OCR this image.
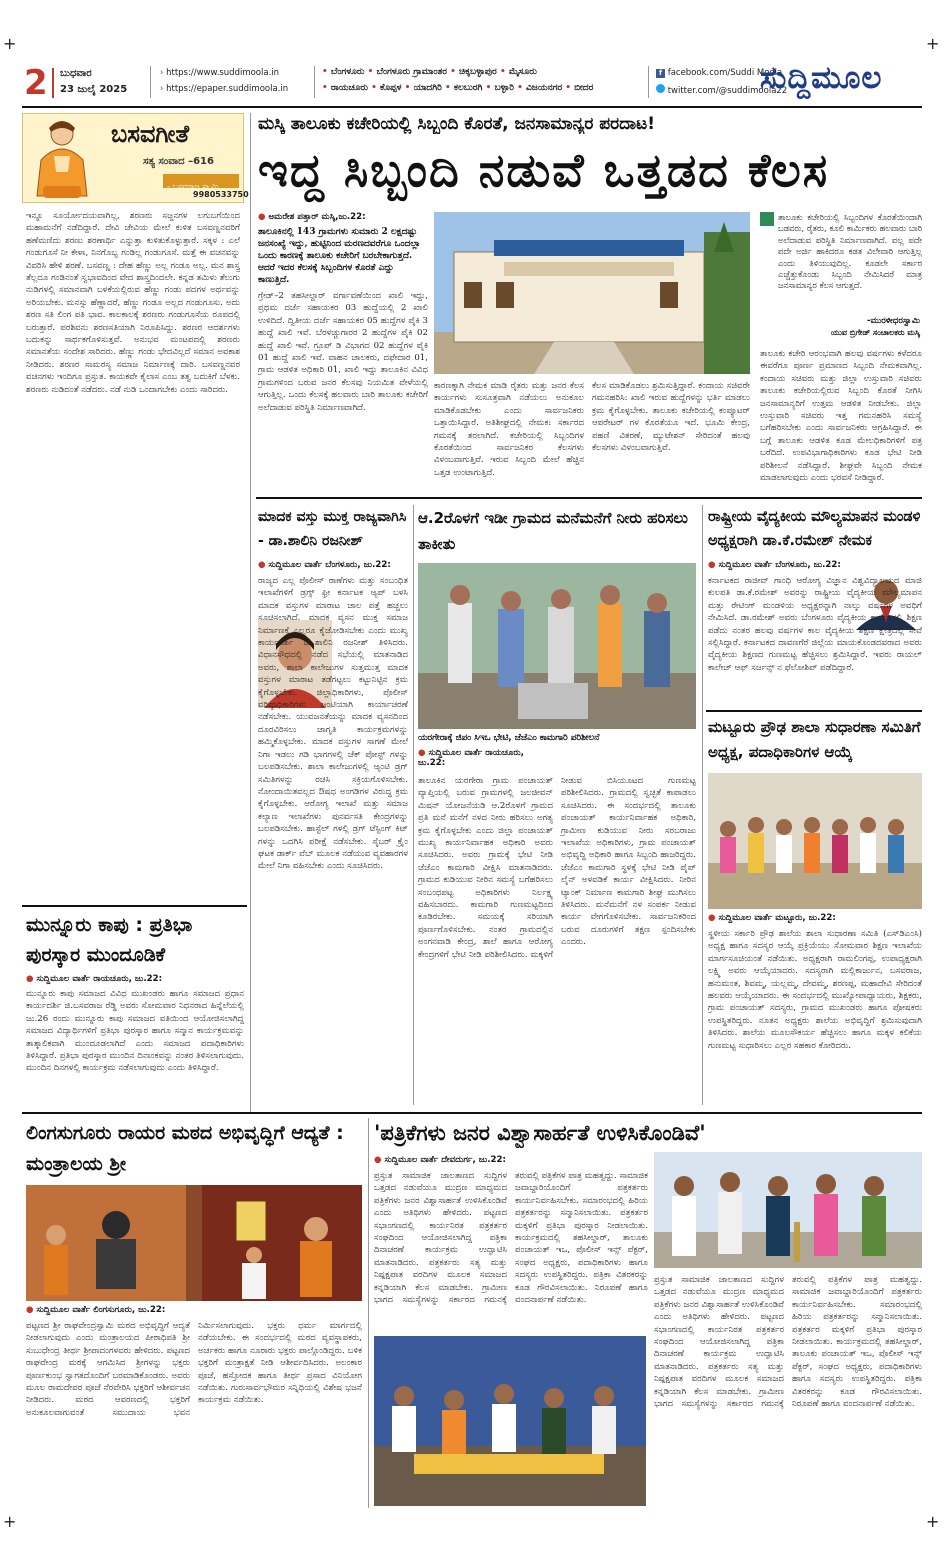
+	+
+	+
2 ಬುಧವಾರ
23 ಜುಲೈ 2025
› https://www.suddimoola.in
› https://epaper.suddimoola.in
• ಬೆಂಗಳೂರು • ಬೆಂಗಳೂರು ಗ್ರಾಮಾಂತರ • ಚಿಕ್ಕಬಳ್ಳಾಪುರ • ಮೈಸೂರು
• ರಾಯಚೂರು • ಕೊಪ್ಪಳ • ಯಾದಗಿರಿ • ಕಲಬುರಗಿ • ಬಳ್ಳಾರಿ • ವಿಜಯನಗರ • ಬೀದರ
f facebook.com/Suddi Moola
twitter.com/@suddimoola22
ಸುದ್ದಿಮೂಲ
ಬಸವಗೀತೆ
ಸತ್ಯ ಸಂವಾದ –616
- ಬಸವರಾಜ ಸ್ವಾಮಿ
9980533750
ಇನ್ನೂ ಸೂರ್ಯೋದಯವಾಗಿಲ್ಲ, ಶರಣರು ಸಜ್ಜನಗಳ ಲಗುಬಗೆಯಿಂದ ಮಹಾಮನೆಗೆ ನಡೆದಿದ್ದಾರೆ. ದೇವಿ ಜೇವಿಯ ಮೇಲೆ ಕುಳಿತ ಬಸವಣ್ಣನವರಿಗೆ ಹಣೆಮಣಿದು ಶರಣು ಶರಣಾರ್ಥಿ ಎನ್ನುತ್ತಾ ಕುಳಿತುಕೊಳ್ಳುತ್ತಾರೆ. ಸಕ್ಕಳ : ಎಲೆ ಗಂಡುಗೂಸೆ ನೀ ಕೇಳಾ, ನಿನಗೊಬ್ಬ ಗಂಡಿಲ್ಲ ಗಂಡುಗೂಸೆ. ಮತ್ತೆ ಈ ವಚನವನ್ನು ವಿವರಿಸಿ ಹೇಳಿ ಶರಣೆ. ಬಸವಣ್ಣ : ದೇಹ ಹೆಣ್ಣು ಅಲ್ಲ ಗಂಡೂ ಅಲ್ಲ. ಮನ ಶಾಸ್ತ್ರ ತೆಲ್ಲದೂ ಗಂಡಿನಂತೆ ಸ್ವಭಾವದಿಂದ ವೇದ ಶಾಸ್ತ್ರದಿಂದಲೇ. ಕನ್ನಡ ತಮಿಳು ತೆಲುಗು ನುಡಿಗಳಲ್ಲಿ ಸಮಾನವಾಗಿ ಬಳಕೆಯಲ್ಲಿರುವ ಹೆಣ್ಣು ಗಂಡು ಪದಗಳ ಅರ್ಥವನ್ನು ಅರಿಯಬೇಕು. ಮನಸ್ಸು ಹೆಣ್ಣಾದರೆ, ಹೆಣ್ಣು ಗಂಡೂ ಅಲ್ಲದ ಗಂಡುಗೂಸು. ಅದು ಶರಣ ಸತಿ ಲಿಂಗ ಪತಿ ಭಾವ. ಕಾಲಕಾಲಕ್ಕೆ ಶರಣರು ಗಂಡುಗೂಸೆಯ ರೂಪದಲ್ಲಿ ಬರುತ್ತಾರೆ. ಪರಶಿವನು ಶರಣಸತಿಯಾಗಿ ನಿರೂಪಿಸಿದ್ದು. ಶರಣರ ಆದರ್ಶಗಳು ಬದುಕನ್ನು ಸಾರ್ಥಕಗೊಳಿಸುತ್ತವೆ. ಅನುಭವ ಮಂಟಪದಲ್ಲಿ ಶರಣರು ಸಮಾನತೆಯ ಸಂದೇಶ ಸಾರಿದರು. ಹೆಣ್ಣು ಗಂಡು ಭೇದವಿಲ್ಲದೆ ಸಮಾನ ಅವಕಾಶ ನೀಡಿದರು. ಶರಣರ ಸಾಮರಸ್ಯ ಸಮಾಜ ನಿರ್ಮಾಣಕ್ಕೆ ದಾರಿ. ಬಸವಣ್ಣನವರ ವಚನಗಳು ಇಂದಿಗೂ ಪ್ರಸ್ತುತ. ಕಾಯಕವೇ ಕೈಲಾಸ ಎಂಬ ತತ್ವ ಬದುಕಿಗೆ ಬೆಳಕು. ಶರಣರು ನುಡಿದಂತೆ ನಡೆದರು. ನಡೆ ನುಡಿ ಒಂದಾಗಬೇಕು ಎಂದು ಸಾರಿದರು.
ಮುನ್ನೂರು ಕಾಪು : ಪ್ರತಿಭಾ ಪುರಸ್ಕಾರ ಮುಂದೂಡಿಕೆ
● ಸುದ್ದಿಮೂಲ ವಾರ್ತೆ ರಾಯಚೂರು, ಜು.22:
ಮುನ್ನೂರು ಕಾಪು ಸಮಾಜದ ವಿವಿಧ ಮುಖಂಡರು ಹಾಗೂ ಸಮಾಜದ ಪ್ರಧಾನ ಕಾರ್ಯದರ್ಶಿ ಜಿ.ಬಸವರಾಜ ರೆಡ್ಡಿ ಅವರು ಸೋಮವಾರ ನಿಧನರಾದ ಹಿನ್ನೆಲೆಯಲ್ಲಿ ಜು.26 ರಂದು ಮುನ್ನೂರು ಕಾಪು ಸಮಾಜದ ವತಿಯಿಂದ ಆಯೋಜಿಸಲಾಗಿದ್ದ ಸಮಾಜದ ವಿದ್ಯಾರ್ಥಿಗಳಿಗೆ ಪ್ರತಿಭಾ ಪುರಸ್ಕಾರ ಹಾಗೂ ಸನ್ಮಾನ ಕಾರ್ಯಕ್ರಮವನ್ನು ತಾತ್ಕಾಲಿಕವಾಗಿ ಮುಂದೂಡಲಾಗಿದೆ ಎಂದು ಸಮಾಜದ ಪದಾಧಿಕಾರಿಗಳು ತಿಳಿಸಿದ್ದಾರೆ. ಪ್ರತಿಭಾ ಪುರಸ್ಕಾರ ಮುಂದಿನ ದಿನಾಂಕವನ್ನು ನಂತರ ತಿಳಿಸಲಾಗುವುದು. ಮುಂದಿನ ದಿನಗಳಲ್ಲಿ ಕಾರ್ಯಕ್ರಮ ನಡೆಸಲಾಗುವುದು ಎಂದು ತಿಳಿಸಿದ್ದಾರೆ.
ಮಸ್ಕಿ ತಾಲೂಕು ಕಚೇರಿಯಲ್ಲಿ ಸಿಬ್ಬಂದಿ ಕೊರತೆ, ಜನಸಾಮಾನ್ಯರ ಪರದಾಟ!
ಇದ್ದ ಸಿಬ್ಬಂದಿ ನಡುವೆ ಒತ್ತಡದ ಕೆಲಸ
● ಅಮರೇಶ ಪತ್ತಾರ್ ಮಸ್ಕಿ,ಜು.22:
ತಾಲೂಕಿನಲ್ಲಿ 143 ಗ್ರಾಮಗಳು ಸುಮಾರು 2 ಲಕ್ಷದಷ್ಟು ಜನಸಂಖ್ಯೆ ಇದ್ದು, ಹುಟ್ಟಿನಿಂದ ಮರಣದವರೆಗೂ ಒಂದಲ್ಲಾ ಒಂದು ಕಾರಣಕ್ಕೆ ತಾಲೂಕು ಕಚೇರಿಗೆ ಬರಬೇಕಾಗುತ್ತದೆ. ಆದರೆ ಇದರ ಕೆಲಸಕ್ಕೆ ಸಿಬ್ಬಂದಿಗಳ ಕೊರತೆ ಎದ್ದು ಕಾಣುತ್ತಿದೆ.
ಗ್ರೇಡ್–2 ತಹಸೀಲ್ದಾರ್ ವರ್ಗಾವಣೆಯಿಂದ ಖಾಲಿ ಇದ್ದು, ಪ್ರಥಮ ದರ್ಜೆ ಸಹಾಯಕರ 03 ಹುದ್ದೆಯಲ್ಲಿ 2 ಖಾಲಿ ಉಳಿದಿದೆ. ದ್ವಿತೀಯ ದರ್ಜೆ ಸಹಾಯಕರ 05 ಹುದ್ದೆಗಳ ಪೈಕಿ 3 ಹುದ್ದೆ ಖಾಲಿ ಇವೆ. ಬೆರಳಚ್ಚುಗಾರರ 2 ಹುದ್ದೆಗಳ ಪೈಕಿ 02 ಹುದ್ದೆ ಖಾಲಿ ಇವೆ. ಗ್ರೂಪ್ ಡಿ ವಿಭಾಗದ 02 ಹುದ್ದೆಗಳ ಪೈಕಿ 01 ಹುದ್ದೆ ಖಾಲಿ ಇವೆ. ವಾಹನ ಚಾಲಕರು, ದಫೇದಾರ 01, ಗ್ರಾಮ ಆಡಳಿತ ಅಧಿಕಾರಿ 01, ಖಾಲಿ ಇದ್ದು ತಾಲೂಕಿನ ವಿವಿಧ ಗ್ರಾಮಗಳಿಂದ ಬರುವ ಜನರ ಕೆಲಸವು ನಿಯಮಿತ ವೇಳೆಯಲ್ಲಿ ಆಗುತ್ತಿಲ್ಲ. ಒಂದು ಕೆಲಸಕ್ಕೆ ಹಲವಾರು ಬಾರಿ ತಾಲೂಕು ಕಚೇರಿಗೆ ಅಲೆದಾಡುವ ಪರಿಸ್ಥಿತಿ ನಿರ್ಮಾಣವಾಗಿದೆ.
ತಾಲೂಕು ಕಚೇರಿಯಲ್ಲಿ ಸಿಬ್ಬಂದಿಗಳ ಕೊರತೆಯಿಂದಾಗಿ ಬಡವರು, ರೈತರು, ಕೂಲಿ ಕಾರ್ಮಿಕರು ಹಲವಾರು ಬಾರಿ ಅಲೆದಾಡುವ ಪರಿಸ್ಥಿತಿ ನಿರ್ಮಾಣವಾಗಿದೆ. ವಲ್ಲ ಪದೇ ಪದೇ ಅರ್ಜಿ ಹಾಕಿದರೂ ಕಡತ ವಿಲೇವಾರಿ ಆಗುತ್ತಿಲ್ಲ ಎಂದು ತಿಳಿಯುವುದಿಲ್ಲ. ಕೂಡಲೇ ಸರ್ಕಾರ ಎಚ್ಚೆತ್ತುಕೊಂಡು ಸಿಬ್ಬಂದಿ ನೇಮಿಸಿದರೆ ಮಾತ್ರ ಜನಸಾಮಾನ್ಯರ ಕೆಲಸ ಆಗುತ್ತದೆ.
-ಮುರಳೀಧರಸ್ವಾಮಿ
ಯುವ ಬ್ರಿಗೇಡ್ ಸಂಚಾಲಕರು ಮಸ್ಕಿ
ಕಾರಣಕ್ಕಾಗಿ ನೇಮಕ ಮಾಡಿ ರೈತರು ಮತ್ತು ಜನರ ಕೆಲಸ ಕಾರ್ಯಗಳು ಸುಸೂತ್ರವಾಗಿ ನಡೆಯಲು ಅನುಕೂಲ ಮಾಡಿಕೊಡಬೇಕು ಎಂದು ಸಾರ್ವಜನಿಕರು ಒತ್ತಾಯಿಸಿದ್ದಾರೆ. ಅತಿಶೀಘ್ರದಲ್ಲಿ ನೇಮಕ: ಸರ್ಕಾರದ ಗಮನಕ್ಕೆ ತರಲಾಗಿದೆ. ಕಚೇರಿಯಲ್ಲಿ ಸಿಬ್ಬಂದಿಗಳ ಕೊರತೆಯಿಂದ ಸಾರ್ವಜನಿಕರ ಕೆಲಸಗಳು ವಿಳಂಬವಾಗುತ್ತಿವೆ. ಇರುವ ಸಿಬ್ಬಂದಿ ಮೇಲೆ ಹೆಚ್ಚಿನ ಒತ್ತಡ ಉಂಟಾಗುತ್ತಿದೆ.
ಕೆಲಸ ಮಾಡಿಕೊಡಲು ಶ್ರಮಿಸುತ್ತಿದ್ದಾರೆ. ಕಂದಾಯ ಸಚಿವರೇ ಗಮನಹರಿಸಿ: ಖಾಲಿ ಇರುವ ಹುದ್ದೆಗಳನ್ನು ಭರ್ತಿ ಮಾಡಲು ಕ್ರಮ ಕೈಗೊಳ್ಳಬೇಕು. ತಾಲೂಕು ಕಚೇರಿಯಲ್ಲಿ ಕಂಪ್ಯೂಟರ್ ಆಪರೇಟರ್ ಗಳ ಕೊರತೆಯೂ ಇದೆ. ಭೂಮಿ ಕೇಂದ್ರ, ಪಹಣಿ ವಿತರಣೆ, ಮ್ಯುಟೇಶನ್ ಸೇರಿದಂತೆ ಹಲವು ಕೆಲಸಗಳು ವಿಳಂಬವಾಗುತ್ತಿವೆ.
ತಾಲೂಕು ಕಚೇರಿ ಆರಂಭವಾಗಿ ಹಲವು ವರ್ಷಗಳು ಕಳೆದರೂ ಈವರೆಗೂ ಪೂರ್ಣ ಪ್ರಮಾಣದ ಸಿಬ್ಬಂದಿ ನೇಮಕವಾಗಿಲ್ಲ. ಕಂದಾಯ ಸಚಿವರು ಮತ್ತು ಜಿಲ್ಲಾ ಉಸ್ತುವಾರಿ ಸಚಿವರು ತಾಲೂಕು ಕಚೇರಿಯಲ್ಲಿರುವ ಸಿಬ್ಬಂದಿ ಕೊರತೆ ನೀಗಿಸಿ ಜನಸಾಮಾನ್ಯರಿಗೆ ಉತ್ತಮ ಆಡಳಿತ ನೀಡಬೇಕು. ಜಿಲ್ಲಾ ಉಸ್ತುವಾರಿ ಸಚಿವರು ಇತ್ತ ಗಮನಹರಿಸಿ ಸಮಸ್ಯೆ ಬಗೆಹರಿಸಬೇಕು ಎಂದು ಸಾರ್ವಜನಿಕರು ಆಗ್ರಹಿಸಿದ್ದಾರೆ. ಈ ಬಗ್ಗೆ ತಾಲೂಕು ಆಡಳಿತ ಕೂಡ ಮೇಲಧಿಕಾರಿಗಳಿಗೆ ಪತ್ರ ಬರೆದಿದೆ. ಉಪವಿಭಾಗಾಧಿಕಾರಿಗಳು ಕೂಡ ಭೇಟಿ ನೀಡಿ ಪರಿಶೀಲನೆ ನಡೆಸಿದ್ದಾರೆ. ಶೀಘ್ರವೇ ಸಿಬ್ಬಂದಿ ನೇಮಕ ಮಾಡಲಾಗುವುದು ಎಂದು ಭರವಸೆ ನೀಡಿದ್ದಾರೆ.
ಮಾದಕ ವಸ್ತು ಮುಕ್ತ ರಾಜ್ಯವಾಗಿಸಿ - ಡಾ.ಶಾಲಿನಿ ರಜನೀಶ್
● ಸುದ್ದಿಮೂಲ ವಾರ್ತೆ ಬೆಂಗಳೂರು, ಜು.22:
ರಾಜ್ಯದ ಎಲ್ಲ ಪೊಲೀಸ್ ಠಾಣೆಗಳು ಮತ್ತು ಸಂಬಂಧಿತ ಇಲಾಖೆಗಳಿಗೆ ಡ್ರಗ್ಸ್‌ ಫ್ರೀ ಕರ್ನಾಟಕ ಆ್ಯಪ್ ಬಳಸಿ ಮಾದಕ ವಸ್ತುಗಳ ಮಾರಾಟ ಜಾಲ ಪತ್ತೆ ಹಚ್ಚಲು ಸೂಚಿಸಲಾಗಿದೆ. ಮಾದಕ ವ್ಯಸನ ಮುಕ್ತ ಸಮಾಜ ನಿರ್ಮಾಣಕ್ಕೆ ಎಲ್ಲರೂ ಕೈಜೋಡಿಸಬೇಕು ಎಂದು ಮುಖ್ಯ ಕಾರ್ಯದರ್ಶಿ ಡಾ.ಶಾಲಿನಿ ರಜನೀಶ್ ತಿಳಿಸಿದರು. ವಿಧಾನಸೌಧದಲ್ಲಿ ನಡೆದ ಸಭೆಯಲ್ಲಿ ಮಾತನಾಡಿದ ಅವರು, ಶಾಲಾ ಕಾಲೇಜುಗಳ ಸುತ್ತಮುತ್ತ ಮಾದಕ ವಸ್ತುಗಳ ಮಾರಾಟ ತಡೆಗಟ್ಟಲು ಕಟ್ಟುನಿಟ್ಟಿನ ಕ್ರಮ ಕೈಗೊಳ್ಳಬೇಕು. ಜಿಲ್ಲಾಧಿಕಾರಿಗಳು, ಪೊಲೀಸ್ ವರಿಷ್ಠಾಧಿಕಾರಿಗಳು ಜಂಟಿಯಾಗಿ ಕಾರ್ಯಾಚರಣೆ ನಡೆಸಬೇಕು. ಯುವಜನತೆಯನ್ನು ಮಾದಕ ವ್ಯಸನದಿಂದ ದೂರವಿರಿಸಲು ಜಾಗೃತಿ ಕಾರ್ಯಕ್ರಮಗಳನ್ನು ಹಮ್ಮಿಕೊಳ್ಳಬೇಕು. ಮಾದಕ ವಸ್ತುಗಳ ಸಾಗಣೆ ಮೇಲೆ ನಿಗಾ ಇಡಲು ಗಡಿ ಭಾಗಗಳಲ್ಲಿ ಚೆಕ್ ಪೋಸ್ಟ್ ಗಳನ್ನು ಬಲಪಡಿಸಬೇಕು. ಶಾಲಾ ಕಾಲೇಜುಗಳಲ್ಲಿ ಆ್ಯಂಟಿ ಡ್ರಗ್ ಸಮಿತಿಗಳನ್ನು ರಚಿಸಿ ಸಕ್ರಿಯಗೊಳಿಸಬೇಕು. ನೋಂದಾಯಿತವಲ್ಲದ ಔಷಧ ಅಂಗಡಿಗಳ ವಿರುದ್ಧ ಕ್ರಮ ಕೈಗೊಳ್ಳಬೇಕು. ಆರೋಗ್ಯ ಇಲಾಖೆ ಮತ್ತು ಸಮಾಜ ಕಲ್ಯಾಣ ಇಲಾಖೆಗಳು ಪುನರ್ವಸತಿ ಕೇಂದ್ರಗಳನ್ನು ಬಲಪಡಿಸಬೇಕು. ಹಾಸ್ಟೆಲ್ ಗಳಲ್ಲಿ ಡ್ರಗ್ ಟೆಸ್ಟಿಂಗ್ ಕಿಟ್ ಗಳನ್ನು ಒದಗಿಸಿ ಪರೀಕ್ಷೆ ನಡೆಸಬೇಕು. ಸೈಬರ್ ಕ್ರೈಂ ಘಟಕ ಡಾರ್ಕ್ ವೆಬ್ ಮೂಲಕ ನಡೆಯುವ ವ್ಯವಹಾರಗಳ ಮೇಲೆ ನಿಗಾ ವಹಿಸಬೇಕು ಎಂದು ಸೂಚಿಸಿದರು.
ಆ.2ರೊಳಗೆ ಇಡೀ ಗ್ರಾಮದ ಮನೆಮನೆಗೆ ನೀರು ಹರಿಸಲು ತಾಕೀತು
ಯರಗೇರಾಕ್ಕೆ ಜಿಪಂ ಸಿಇಒ ಭೇಟಿ, ಜೆಜೆಎಂ ಕಾಮಗಾರಿ ಪರಿಶೀಲನೆ
● ಸುದ್ದಿಮೂಲ ವಾರ್ತೆ ರಾಯಚೂರು, ಜು.22:
ತಾಲೂಕಿನ ಯರಗೇರಾ ಗ್ರಾಮ ಪಂಚಾಯತ್ ವ್ಯಾಪ್ತಿಯಲ್ಲಿ ಬರುವ ಗ್ರಾಮಗಳಲ್ಲಿ ಜಲಜೀವನ್ ಮಿಷನ್ ಯೋಜನೆಯಡಿ ಆ.2ರೊಳಗೆ ಗ್ರಾಮದ ಪ್ರತಿ ಮನೆ ಮನೆಗೆ ನಳದ ನೀರು ಹರಿಸಲು ಅಗತ್ಯ ಕ್ರಮ ಕೈಗೊಳ್ಳಬೇಕು ಎಂದು ಜಿಲ್ಲಾ ಪಂಚಾಯತ್ ಮುಖ್ಯ ಕಾರ್ಯನಿರ್ವಾಹಕ ಅಧಿಕಾರಿ ಅವರು ಸೂಚಿಸಿದರು. ಅವರು ಗ್ರಾಮಕ್ಕೆ ಭೇಟಿ ನೀಡಿ ಜೆಜೆಎಂ ಕಾಮಗಾರಿ ವೀಕ್ಷಿಸಿ ಮಾತನಾಡಿದರು. ಗ್ರಾಮದ ಕುಡಿಯುವ ನೀರಿನ ಸಮಸ್ಯೆ ಬಗೆಹರಿಸಲು ಸಂಬಂಧಪಟ್ಟ ಅಧಿಕಾರಿಗಳು ನಿರ್ಲಕ್ಷ್ಯ ವಹಿಸಬಾರದು. ಕಾಮಗಾರಿ ಗುಣಮಟ್ಟದಿಂದ ಕೂಡಿರಬೇಕು. ಸಮಯಕ್ಕೆ ಸರಿಯಾಗಿ ಪೂರ್ಣಗೊಳಿಸಬೇಕು. ನಂತರ ಗ್ರಾಮದಲ್ಲಿನ ಅಂಗನವಾಡಿ ಕೇಂದ್ರ, ಶಾಲೆ ಹಾಗೂ ಆರೋಗ್ಯ ಕೇಂದ್ರಗಳಿಗೆ ಭೇಟಿ ನೀಡಿ ಪರಿಶೀಲಿಸಿದರು. ಮಕ್ಕಳಿಗೆ ನೀಡುವ ಬಿಸಿಯೂಟದ ಗುಣಮಟ್ಟ ಪರಿಶೀಲಿಸಿದರು. ಗ್ರಾಮದಲ್ಲಿ ಸ್ವಚ್ಛತೆ ಕಾಪಾಡಲು ಸೂಚಿಸಿದರು. ಈ ಸಂದರ್ಭದಲ್ಲಿ ತಾಲೂಕು ಪಂಚಾಯತ್ ಕಾರ್ಯನಿರ್ವಾಹಕ ಅಧಿಕಾರಿ, ಗ್ರಾಮೀಣ ಕುಡಿಯುವ ನೀರು ಸರಬರಾಜು ಇಲಾಖೆಯ ಅಧಿಕಾರಿಗಳು, ಗ್ರಾಮ ಪಂಚಾಯತ್ ಅಭಿವೃದ್ಧಿ ಅಧಿಕಾರಿ ಹಾಗೂ ಸಿಬ್ಬಂದಿ ಹಾಜರಿದ್ದರು. ಜೆಜೆಎಂ ಕಾಮಗಾರಿ ಸ್ಥಳಕ್ಕೆ ಭೇಟಿ ನೀಡಿ ಪೈಪ್ ಲೈನ್ ಅಳವಡಿಕೆ ಕಾರ್ಯ ವೀಕ್ಷಿಸಿದರು. ನೀರಿನ ಟ್ಯಾಂಕ್ ನಿರ್ಮಾಣ ಕಾಮಗಾರಿ ಶೀಘ್ರ ಮುಗಿಸಲು ತಿಳಿಸಿದರು. ಮನೆಮನೆಗೆ ನಳ ಸಂಪರ್ಕ ನೀಡುವ ಕಾರ್ಯ ವೇಗಗೊಳಿಸಬೇಕು. ಸಾರ್ವಜನಿಕರಿಂದ ಬರುವ ದೂರುಗಳಿಗೆ ತಕ್ಷಣ ಸ್ಪಂದಿಸಬೇಕು ಎಂದರು.
ರಾಷ್ಟ್ರೀಯ ವೈದ್ಯಕೀಯ ಮೌಲ್ಯಮಾಪನ ಮಂಡಳಿ ಅಧ್ಯಕ್ಷರಾಗಿ ಡಾ.ಕೆ.ರಮೇಶ್ ನೇಮಕ
● ಸುದ್ದಿಮೂಲ ವಾರ್ತೆ ಬೆಂಗಳೂರು, ಜು.22:
ಕರ್ನಾಟಕದ ರಾಜೀವ್ ಗಾಂಧಿ ಆರೋಗ್ಯ ವಿಜ್ಞಾನ ವಿಶ್ವವಿದ್ಯಾಲಯದ ಮಾಜಿ ಕುಲಪತಿ ಡಾ.ಕೆ.ರಮೇಶ್ ಅವರನ್ನು ರಾಷ್ಟ್ರೀಯ ವೈದ್ಯಕೀಯ ಮೌಲ್ಯಮಾಪನ ಮತ್ತು ರೇಟಿಂಗ್ ಮಂಡಳಿಯ ಅಧ್ಯಕ್ಷರನ್ನಾಗಿ ನಾಲ್ಕು ವರ್ಷಗಳ ಅವಧಿಗೆ ನೇಮಿಸಿದೆ. ಡಾ.ರಮೇಶ್ ಅವರು ಬೆಂಗಳೂರು ವೈದ್ಯಕೀಯ ಕಾಲೇಜಿನಲ್ಲಿ ಶಿಕ್ಷಣ ಪಡೆದು ನಂತರ ಹಲವು ವರ್ಷಗಳ ಕಾಲ ವೈದ್ಯಕೀಯ ಶಿಕ್ಷಣ ಕ್ಷೇತ್ರದಲ್ಲಿ ಸೇವೆ ಸಲ್ಲಿಸಿದ್ದಾರೆ. ಕರ್ನಾಟಕದ ದಾವಣಗೆರೆ ಜಿಲ್ಲೆಯ ಮಾಯಕೊಂಡದವರಾದ ಅವರು ವೈದ್ಯಕೀಯ ಶಿಕ್ಷಣದ ಗುಣಮಟ್ಟ ಹೆಚ್ಚಿಸಲು ಶ್ರಮಿಸಿದ್ದಾರೆ. ಇವರು ರಾಯಲ್ ಕಾಲೇಜ್ ಆಫ್ ಸರ್ಜನ್ಸ್ ನ ಫೆಲೋಶಿಪ್ ಪಡೆದಿದ್ದಾರೆ.
ಮಟ್ಟೂರು ಪ್ರೌಢ ಶಾಲಾ ಸುಧಾರಣಾ ಸಮಿತಿಗೆ ಅಧ್ಯಕ್ಷ, ಪದಾಧಿಕಾರಿಗಳ ಆಯ್ಕೆ
● ಸುದ್ದಿಮೂಲ ವಾರ್ತೆ ಮಟ್ಟೂರು, ಜು.22:
ಸ್ಥಳೀಯ ಸರ್ಕಾರಿ ಪ್ರೌಢ ಶಾಲೆಯ ಶಾಲಾ ಸುಧಾರಣಾ ಸಮಿತಿ (ಎಸ್‌ಡಿಎಂಸಿ) ಅಧ್ಯಕ್ಷ ಹಾಗೂ ಸದಸ್ಯರ ಆಯ್ಕೆ ಪ್ರಕ್ರಿಯೆಯು ಸೋಮವಾರ ಶಿಕ್ಷಣ ಇಲಾಖೆಯ ಮಾರ್ಗಸೂಚಿಯಂತೆ ನಡೆಯಿತು. ಅಧ್ಯಕ್ಷರಾಗಿ ರಾಮಲಿಂಗಪ್ಪ, ಉಪಾಧ್ಯಕ್ಷರಾಗಿ ಲಕ್ಷ್ಮಿ ಅವರು ಆಯ್ಕೆಯಾದರು. ಸದಸ್ಯರಾಗಿ ಮಲ್ಲಿಕಾರ್ಜುನ, ಬಸವರಾಜ, ಹನುಮಂತ, ಶಿವಮ್ಮ, ಯಲ್ಲಮ್ಮ, ದೇವಮ್ಮ, ಶರಣಪ್ಪ, ಮಹಾದೇವಿ ಸೇರಿದಂತೆ ಹಲವರು ಆಯ್ಕೆಯಾದರು. ಈ ಸಂದರ್ಭದಲ್ಲಿ ಮುಖ್ಯೋಪಾಧ್ಯಾಯರು, ಶಿಕ್ಷಕರು, ಗ್ರಾಮ ಪಂಚಾಯತ್ ಸದಸ್ಯರು, ಗ್ರಾಮದ ಮುಖಂಡರು ಹಾಗೂ ಪೋಷಕರು ಉಪಸ್ಥಿತರಿದ್ದರು. ನೂತನ ಅಧ್ಯಕ್ಷರು ಶಾಲೆಯ ಅಭಿವೃದ್ಧಿಗೆ ಶ್ರಮಿಸುವುದಾಗಿ ತಿಳಿಸಿದರು. ಶಾಲೆಯ ಮೂಲಸೌಕರ್ಯ ಹೆಚ್ಚಿಸಲು ಹಾಗೂ ಮಕ್ಕಳ ಕಲಿಕೆಯ ಗುಣಮಟ್ಟ ಸುಧಾರಿಸಲು ಎಲ್ಲರ ಸಹಕಾರ ಕೋರಿದರು.
ಲಿಂಗಸುಗೂರು ರಾಯರ ಮಠದ ಅಭಿವೃದ್ಧಿಗೆ ಆದ್ಯತೆ : ಮಂತ್ರಾಲಯ ಶ್ರೀ
● ಸುದ್ದಿಮೂಲ ವಾರ್ತೆ ಲಿಂಗಸುಗೂರು, ಜು.22:
ಪಟ್ಟಣದ ಶ್ರೀ ರಾಘವೇಂದ್ರಸ್ವಾಮಿ ಮಠದ ಅಭಿವೃದ್ಧಿಗೆ ಆದ್ಯತೆ ನೀಡಲಾಗುವುದು ಎಂದು ಮಂತ್ರಾಲಯದ ಪೀಠಾಧಿಪತಿ ಶ್ರೀ ಸುಬುಧೇಂದ್ರ ತೀರ್ಥ ಶ್ರೀಪಾದಂಗಳವರು ಹೇಳಿದರು. ಪಟ್ಟಣದ ರಾಘವೇಂದ್ರ ಮಠಕ್ಕೆ ಆಗಮಿಸಿದ ಶ್ರೀಗಳನ್ನು ಭಕ್ತರು ಪೂರ್ಣಕುಂಭ ಸ್ವಾಗತದೊಂದಿಗೆ ಬರಮಾಡಿಕೊಂಡರು. ಅವರು ಮೂಲ ರಾಮದೇವರ ಪೂಜೆ ನೆರವೇರಿಸಿ ಭಕ್ತರಿಗೆ ಆಶೀರ್ವಚನ ನೀಡಿದರು. ಮಠದ ಆವರಣದಲ್ಲಿ ಭಕ್ತರಿಗೆ ಅನುಕೂಲವಾಗುವಂತೆ ಸಮುದಾಯ ಭವನ ನಿರ್ಮಿಸಲಾಗುವುದು. ಭಕ್ತರು ಧರ್ಮ ಮಾರ್ಗದಲ್ಲಿ ನಡೆಯಬೇಕು. ಈ ಸಂದರ್ಭದಲ್ಲಿ ಮಠದ ವ್ಯವಸ್ಥಾಪಕರು, ಅರ್ಚಕರು ಹಾಗೂ ನೂರಾರು ಭಕ್ತರು ಪಾಲ್ಗೊಂಡಿದ್ದರು. ಬಳಿಕ ಭಕ್ತರಿಗೆ ಮಂತ್ರಾಕ್ಷತೆ ನೀಡಿ ಆಶೀರ್ವದಿಸಿದರು. ಅಲಂಕಾರ ಪೂಜೆ, ಹಸ್ತೋದಕ ಹಾಗೂ ತೀರ್ಥ ಪ್ರಸಾದ ವಿನಿಯೋಗ ನಡೆಯಿತು. ಗುರುಸಾರ್ವಭೌಮರ ಸನ್ನಿಧಿಯಲ್ಲಿ ವಿಶೇಷ ಭಜನೆ ಕಾರ್ಯಕ್ರಮ ನಡೆಯಿತು.
'ಪತ್ರಿಕೆಗಳು ಜನರ ವಿಶ್ವಾಸಾರ್ಹತೆ ಉಳಿಸಿಕೊಂಡಿವೆ'
● ಸುದ್ದಿಮೂಲ ವಾರ್ತೆ ದೇವದುರ್ಗ, ಜು.22:
ಪ್ರಸ್ತುತ ಸಾಮಾಜಿಕ ಜಾಲತಾಣದ ಸುದ್ದಿಗಳ ಒತ್ತಡದ ನಡುವೆಯೂ ಮುದ್ರಣ ಮಾಧ್ಯಮದ ಪತ್ರಿಕೆಗಳು ಜನರ ವಿಶ್ವಾಸಾರ್ಹತೆ ಉಳಿಸಿಕೊಂಡಿವೆ ಎಂದು ಅತಿಥಿಗಳು ಹೇಳಿದರು. ಪಟ್ಟಣದ ಸಭಾಂಗಣದಲ್ಲಿ ಕಾರ್ಯನಿರತ ಪತ್ರಕರ್ತರ ಸಂಘದಿಂದ ಆಯೋಜಿಸಲಾಗಿದ್ದ ಪತ್ರಿಕಾ ದಿನಾಚರಣೆ ಕಾರ್ಯಕ್ರಮ ಉದ್ಘಾಟಿಸಿ ಮಾತನಾಡಿದರು. ಪತ್ರಕರ್ತರು ಸತ್ಯ ಮತ್ತು ನಿಷ್ಪಕ್ಷಪಾತ ವರದಿಗಳ ಮೂಲಕ ಸಮಾಜದ ಕನ್ನಡಿಯಾಗಿ ಕೆಲಸ ಮಾಡಬೇಕು. ಗ್ರಾಮೀಣ ಭಾಗದ ಸಮಸ್ಯೆಗಳನ್ನು ಸರ್ಕಾರದ ಗಮನಕ್ಕೆ ತರುವಲ್ಲಿ ಪತ್ರಿಕೆಗಳ ಪಾತ್ರ ಮಹತ್ವದ್ದು. ಸಾಮಾಜಿಕ ಜವಾಬ್ದಾರಿಯೊಂದಿಗೆ ಪತ್ರಕರ್ತರು ಕಾರ್ಯನಿರ್ವಹಿಸಬೇಕು. ಸಮಾರಂಭದಲ್ಲಿ ಹಿರಿಯ ಪತ್ರಕರ್ತರನ್ನು ಸನ್ಮಾನಿಸಲಾಯಿತು. ಪತ್ರಕರ್ತರ ಮಕ್ಕಳಿಗೆ ಪ್ರತಿಭಾ ಪುರಸ್ಕಾರ ನೀಡಲಾಯಿತು. ಕಾರ್ಯಕ್ರಮದಲ್ಲಿ ತಹಸೀಲ್ದಾರ್, ತಾಲೂಕು ಪಂಚಾಯತ್ ಇಒ, ಪೊಲೀಸ್ ಇನ್ಸ್ ಪೆಕ್ಟರ್, ಸಂಘದ ಅಧ್ಯಕ್ಷರು, ಪದಾಧಿಕಾರಿಗಳು ಹಾಗೂ ಸದಸ್ಯರು ಉಪಸ್ಥಿತರಿದ್ದರು. ಪತ್ರಿಕಾ ವಿತರಕರನ್ನು ಕೂಡ ಗೌರವಿಸಲಾಯಿತು. ನಿರೂಪಣೆ ಹಾಗೂ ವಂದನಾರ್ಪಣೆ ನಡೆಯಿತು.
ಪ್ರಸ್ತುತ ಸಾಮಾಜಿಕ ಜಾಲತಾಣದ ಸುದ್ದಿಗಳ ಒತ್ತಡದ ನಡುವೆಯೂ ಮುದ್ರಣ ಮಾಧ್ಯಮದ ಪತ್ರಿಕೆಗಳು ಜನರ ವಿಶ್ವಾಸಾರ್ಹತೆ ಉಳಿಸಿಕೊಂಡಿವೆ ಎಂದು ಅತಿಥಿಗಳು ಹೇಳಿದರು. ಪಟ್ಟಣದ ಸಭಾಂಗಣದಲ್ಲಿ ಕಾರ್ಯನಿರತ ಪತ್ರಕರ್ತರ ಸಂಘದಿಂದ ಆಯೋಜಿಸಲಾಗಿದ್ದ ಪತ್ರಿಕಾ ದಿನಾಚರಣೆ ಕಾರ್ಯಕ್ರಮ ಉದ್ಘಾಟಿಸಿ ಮಾತನಾಡಿದರು. ಪತ್ರಕರ್ತರು ಸತ್ಯ ಮತ್ತು ನಿಷ್ಪಕ್ಷಪಾತ ವರದಿಗಳ ಮೂಲಕ ಸಮಾಜದ ಕನ್ನಡಿಯಾಗಿ ಕೆಲಸ ಮಾಡಬೇಕು. ಗ್ರಾಮೀಣ ಭಾಗದ ಸಮಸ್ಯೆಗಳನ್ನು ಸರ್ಕಾರದ ಗಮನಕ್ಕೆ ತರುವಲ್ಲಿ ಪತ್ರಿಕೆಗಳ ಪಾತ್ರ ಮಹತ್ವದ್ದು. ಸಾಮಾಜಿಕ ಜವಾಬ್ದಾರಿಯೊಂದಿಗೆ ಪತ್ರಕರ್ತರು ಕಾರ್ಯನಿರ್ವಹಿಸಬೇಕು. ಸಮಾರಂಭದಲ್ಲಿ ಹಿರಿಯ ಪತ್ರಕರ್ತರನ್ನು ಸನ್ಮಾನಿಸಲಾಯಿತು. ಪತ್ರಕರ್ತರ ಮಕ್ಕಳಿಗೆ ಪ್ರತಿಭಾ ಪುರಸ್ಕಾರ ನೀಡಲಾಯಿತು. ಕಾರ್ಯಕ್ರಮದಲ್ಲಿ ತಹಸೀಲ್ದಾರ್, ತಾಲೂಕು ಪಂಚಾಯತ್ ಇಒ, ಪೊಲೀಸ್ ಇನ್ಸ್ ಪೆಕ್ಟರ್, ಸಂಘದ ಅಧ್ಯಕ್ಷರು, ಪದಾಧಿಕಾರಿಗಳು ಹಾಗೂ ಸದಸ್ಯರು ಉಪಸ್ಥಿತರಿದ್ದರು. ಪತ್ರಿಕಾ ವಿತರಕರನ್ನು ಕೂಡ ಗೌರವಿಸಲಾಯಿತು. ನಿರೂಪಣೆ ಹಾಗೂ ವಂದನಾರ್ಪಣೆ ನಡೆಯಿತು.
